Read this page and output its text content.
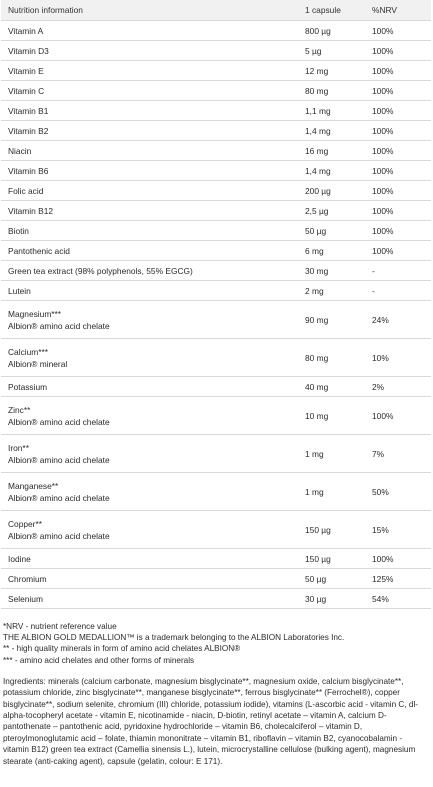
Nutrition information	1 capsule	%NRV
Vitamin A	800 µg	100%
Vitamin D3	5 µg	100%
Vitamin E	12 mg	100%
Vitamin C	80 mg	100%
Vitamin B1	1,1 mg	100%
Vitamin B2	1,4 mg	100%
Niacin	16 mg	100%
Vitamin B6	1,4 mg	100%
Folic acid	200 µg	100%
Vitamin B12	2,5 µg	100%
Biotin	50 µg	100%
Pantothenic acid	6 mg	100%
Green tea extract (98% polyphenols, 55% EGCG)	30 mg	-
Lutein	2 mg	-
Magnesium***
Albion® amino acid chelate	90 mg	24%
Calcium***
Albion® mineral	80 mg	10%
Potassium	40 mg	2%
Zinc**
Albion® amino acid chelate	10 mg	100%
Iron**
Albion® amino acid chelate	1 mg	7%
Manganese**
Albion® amino acid chelate	1 mg	50%
Copper**
Albion® amino acid chelate	150 µg	15%
Iodine	150 µg	100%
Chromium	50 µg	125%
Selenium	30 µg	54%
*NRV - nutrient reference value
THE ALBION GOLD MEDALLION™ is a trademark belonging to the ALBION Laboratories Inc.
** - high quality minerals in form of amino acid chelates ALBION®
*** - amino acid chelates and other forms of minerals
Ingredients: minerals (calcium carbonate, magnesium bisglycinate**, magnesium oxide, calcium bisglycinate**, potassium chloride, zinc bisglycinate**, manganese bisglycinate**, ferrous bisglycinate** (Ferrochel®), copper bisglycinate**, sodium selenite, chromium (III) chloride, potassium iodide), vitamins (L-ascorbic acid - vitamin C, dl-alpha-tocopheryl acetate - vitamin E, nicotinamide - niacin, D-biotin, retinyl acetate – vitamin A, calcium D-pantothenate – pantothenic acid, pyridoxine hydrochloride – vitamin B6, cholecalciferol – vitamin D, pteroylmonoglutamic acid – folate, thiamin mononitrate – vitamin B1, riboflavin – vitamin B2, cyanocobalamin - vitamin B12) green tea extract (Camellia sinensis L.), lutein, microcrystalline cellulose (bulking agent), magnesium stearate (anti-caking agent), capsule (gelatin, colour: E 171).
